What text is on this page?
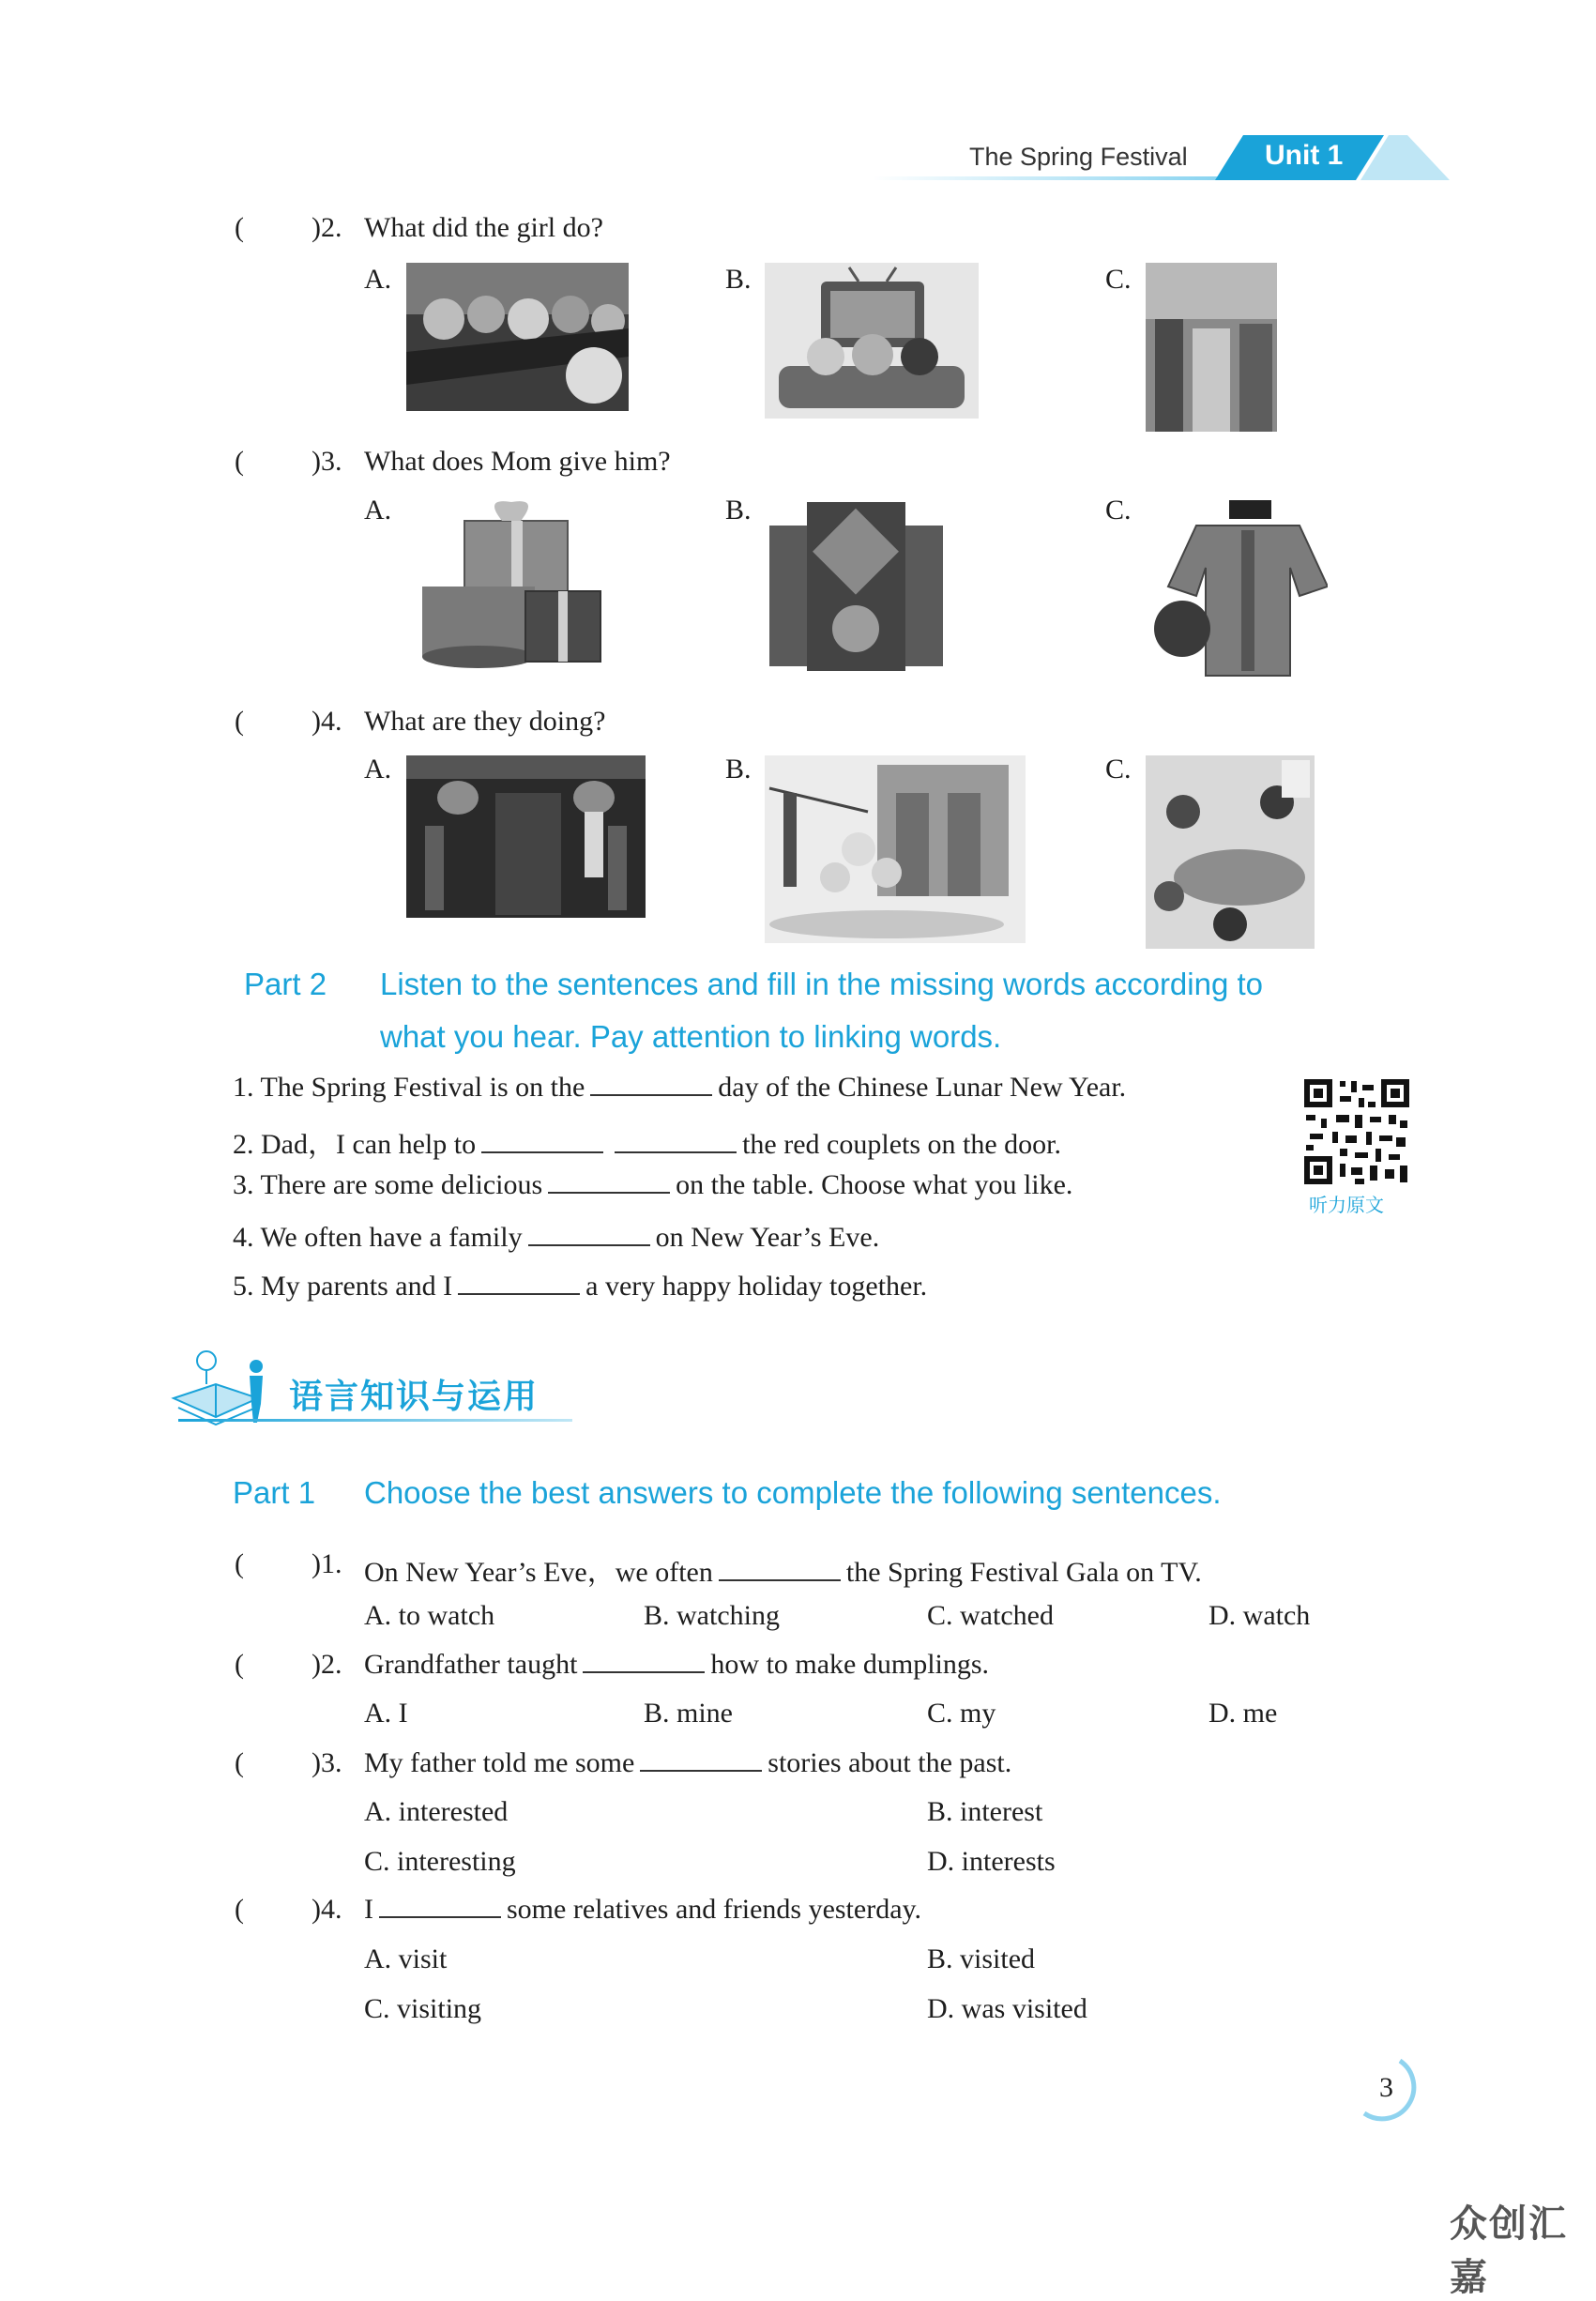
The Spring Festival	Unit 1
( )2. What did the girl do?
A.	B.	C.
( )3. What does Mom give him?
A.	B.	C.
( )4. What are they doing?
A.	B.	C.
Part 2 Listen to the sentences and fill in the missing words according to
what you hear. Pay attention to linking words.
1. The Spring Festival is on the	day of the Chinese Lunar New Year.
2. Dad，I can help to	the red couplets on the door.
3. There are some delicious	on the table. Choose what you like.
4. We often have a family	on New Year’s Eve.
5. My parents and I	a very happy holiday together.
听力原文
语言知识与运用
Part 1 Choose the best answers to complete the following sentences.
( )1. On New Year’s Eve，we often	the Spring Festival Gala on TV.
A. to watch	B. watching	C. watched	D. watch
( )2. Grandfather taught	how to make dumplings.
A. I	B. mine	C. my	D. me
( )3. My father told me some	stories about the past.
A. interested	B. interest
C. interesting	D. interests
( )4. I	some relatives and friends yesterday.
A. visit	B. visited
C. visiting	D. was visited
3
众创汇嘉
